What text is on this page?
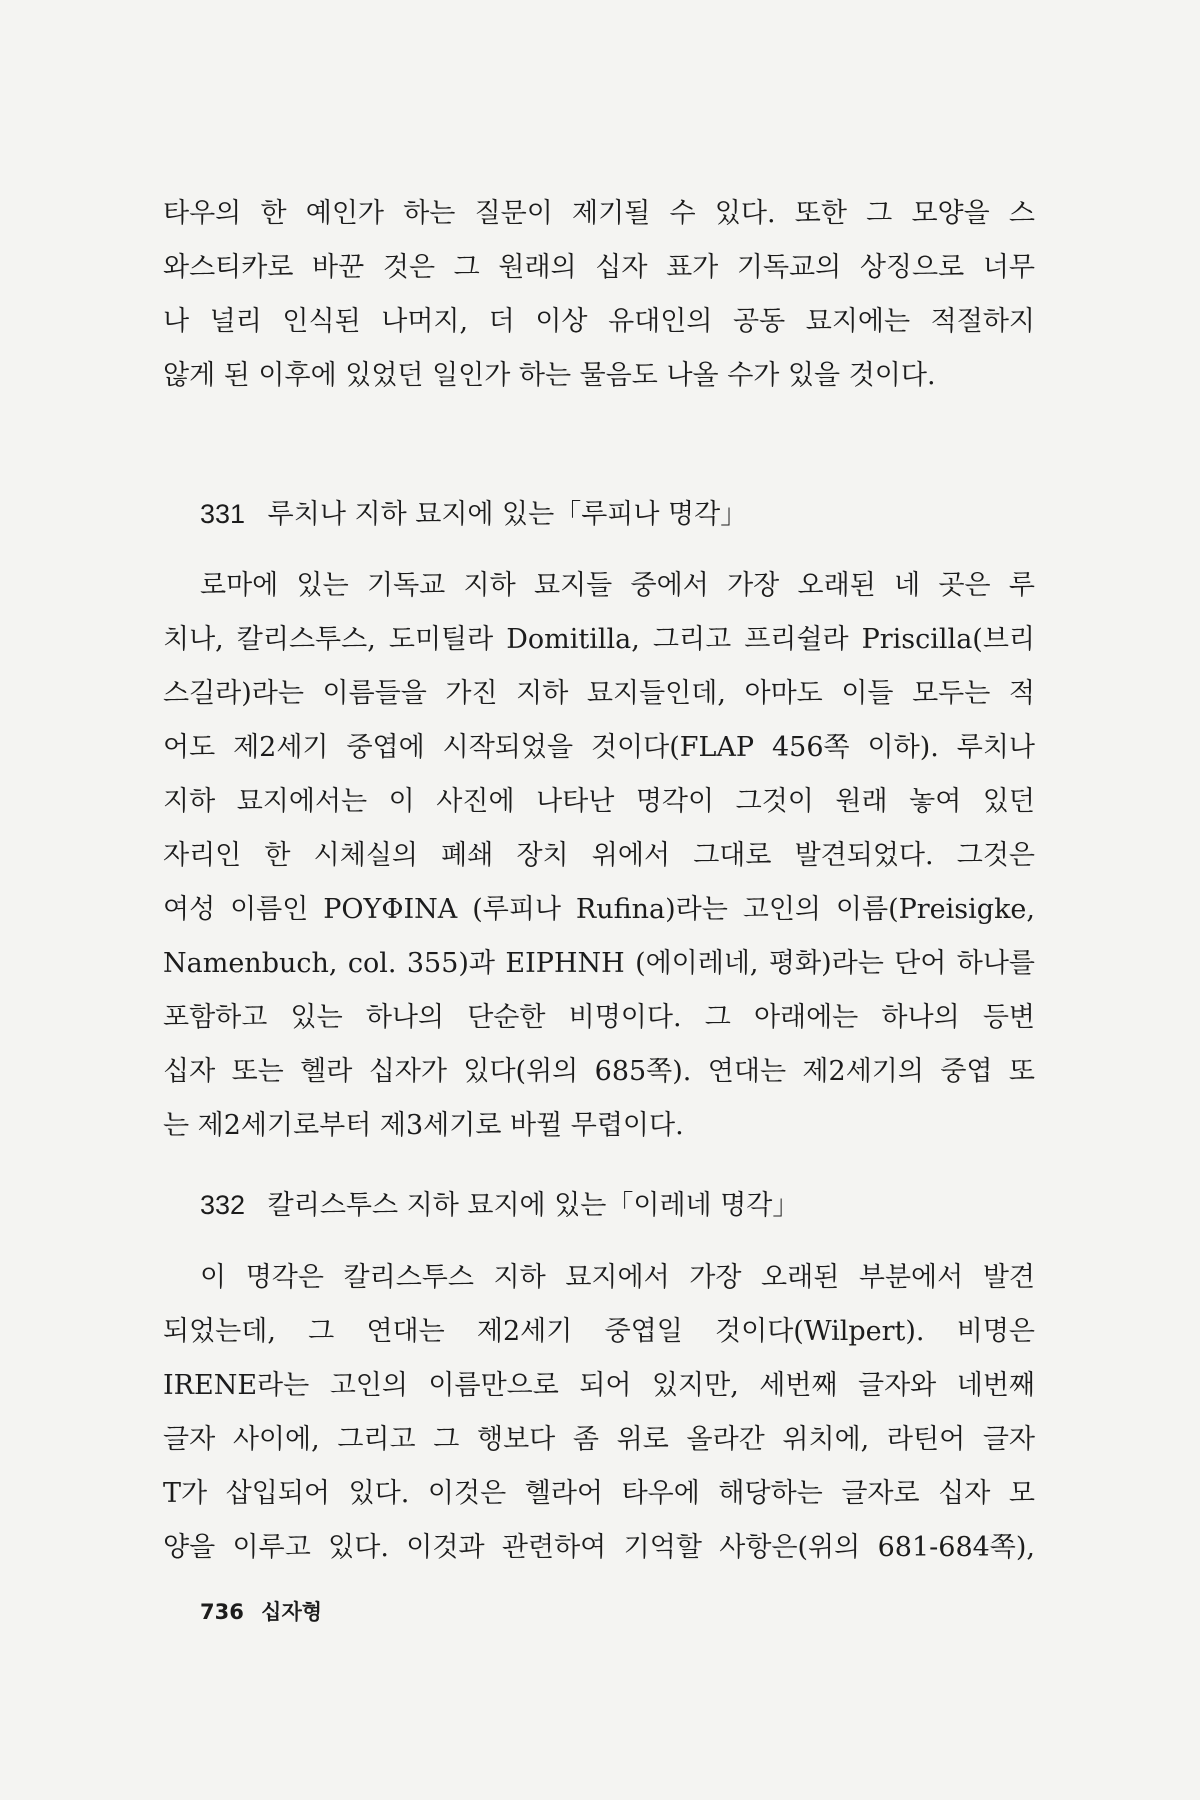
타우의 한 예인가 하는 질문이 제기될 수 있다. 또한 그 모양을 스
와스티카로 바꾼 것은 그 원래의 십자 표가 기독교의 상징으로 너무
나 널리 인식된 나머지, 더 이상 유대인의 공동 묘지에는 적절하지
않게 된 이후에 있었던 일인가 하는 물음도 나올 수가 있을 것이다.
331 루치나 지하 묘지에 있는「루피나 명각」
로마에 있는 기독교 지하 묘지들 중에서 가장 오래된 네 곳은 루
치나, 칼리스투스, 도미틸라 Domitilla, 그리고 프리쉴라 Priscilla(브리
스길라)라는 이름들을 가진 지하 묘지들인데, 아마도 이들 모두는 적
어도 제2세기 중엽에 시작되었을 것이다(FLAP 456쪽 이하). 루치나
지하 묘지에서는 이 사진에 나타난 명각이 그것이 원래 놓여 있던
자리인 한 시체실의 폐쇄 장치 위에서 그대로 발견되었다. 그것은
여성 이름인 POYΦINA (루피나 Rufina)라는 고인의 이름(Preisigke,
Namenbuch, col. 355)과 EIPHNH (에이레네, 평화)라는 단어 하나를
포함하고 있는 하나의 단순한 비명이다. 그 아래에는 하나의 등변
십자 또는 헬라 십자가 있다(위의 685쪽). 연대는 제2세기의 중엽 또
는 제2세기로부터 제3세기로 바뀔 무렵이다.
332 칼리스투스 지하 묘지에 있는「이레네 명각」
이 명각은 칼리스투스 지하 묘지에서 가장 오래된 부분에서 발견
되었는데, 그 연대는 제2세기 중엽일 것이다(Wilpert). 비명은
IRENE라는 고인의 이름만으로 되어 있지만, 세번째 글자와 네번째
글자 사이에, 그리고 그 행보다 좀 위로 올라간 위치에, 라틴어 글자
T가 삽입되어 있다. 이것은 헬라어 타우에 해당하는 글자로 십자 모
양을 이루고 있다. 이것과 관련하여 기억할 사항은(위의 681-684쪽),
736 십자형
